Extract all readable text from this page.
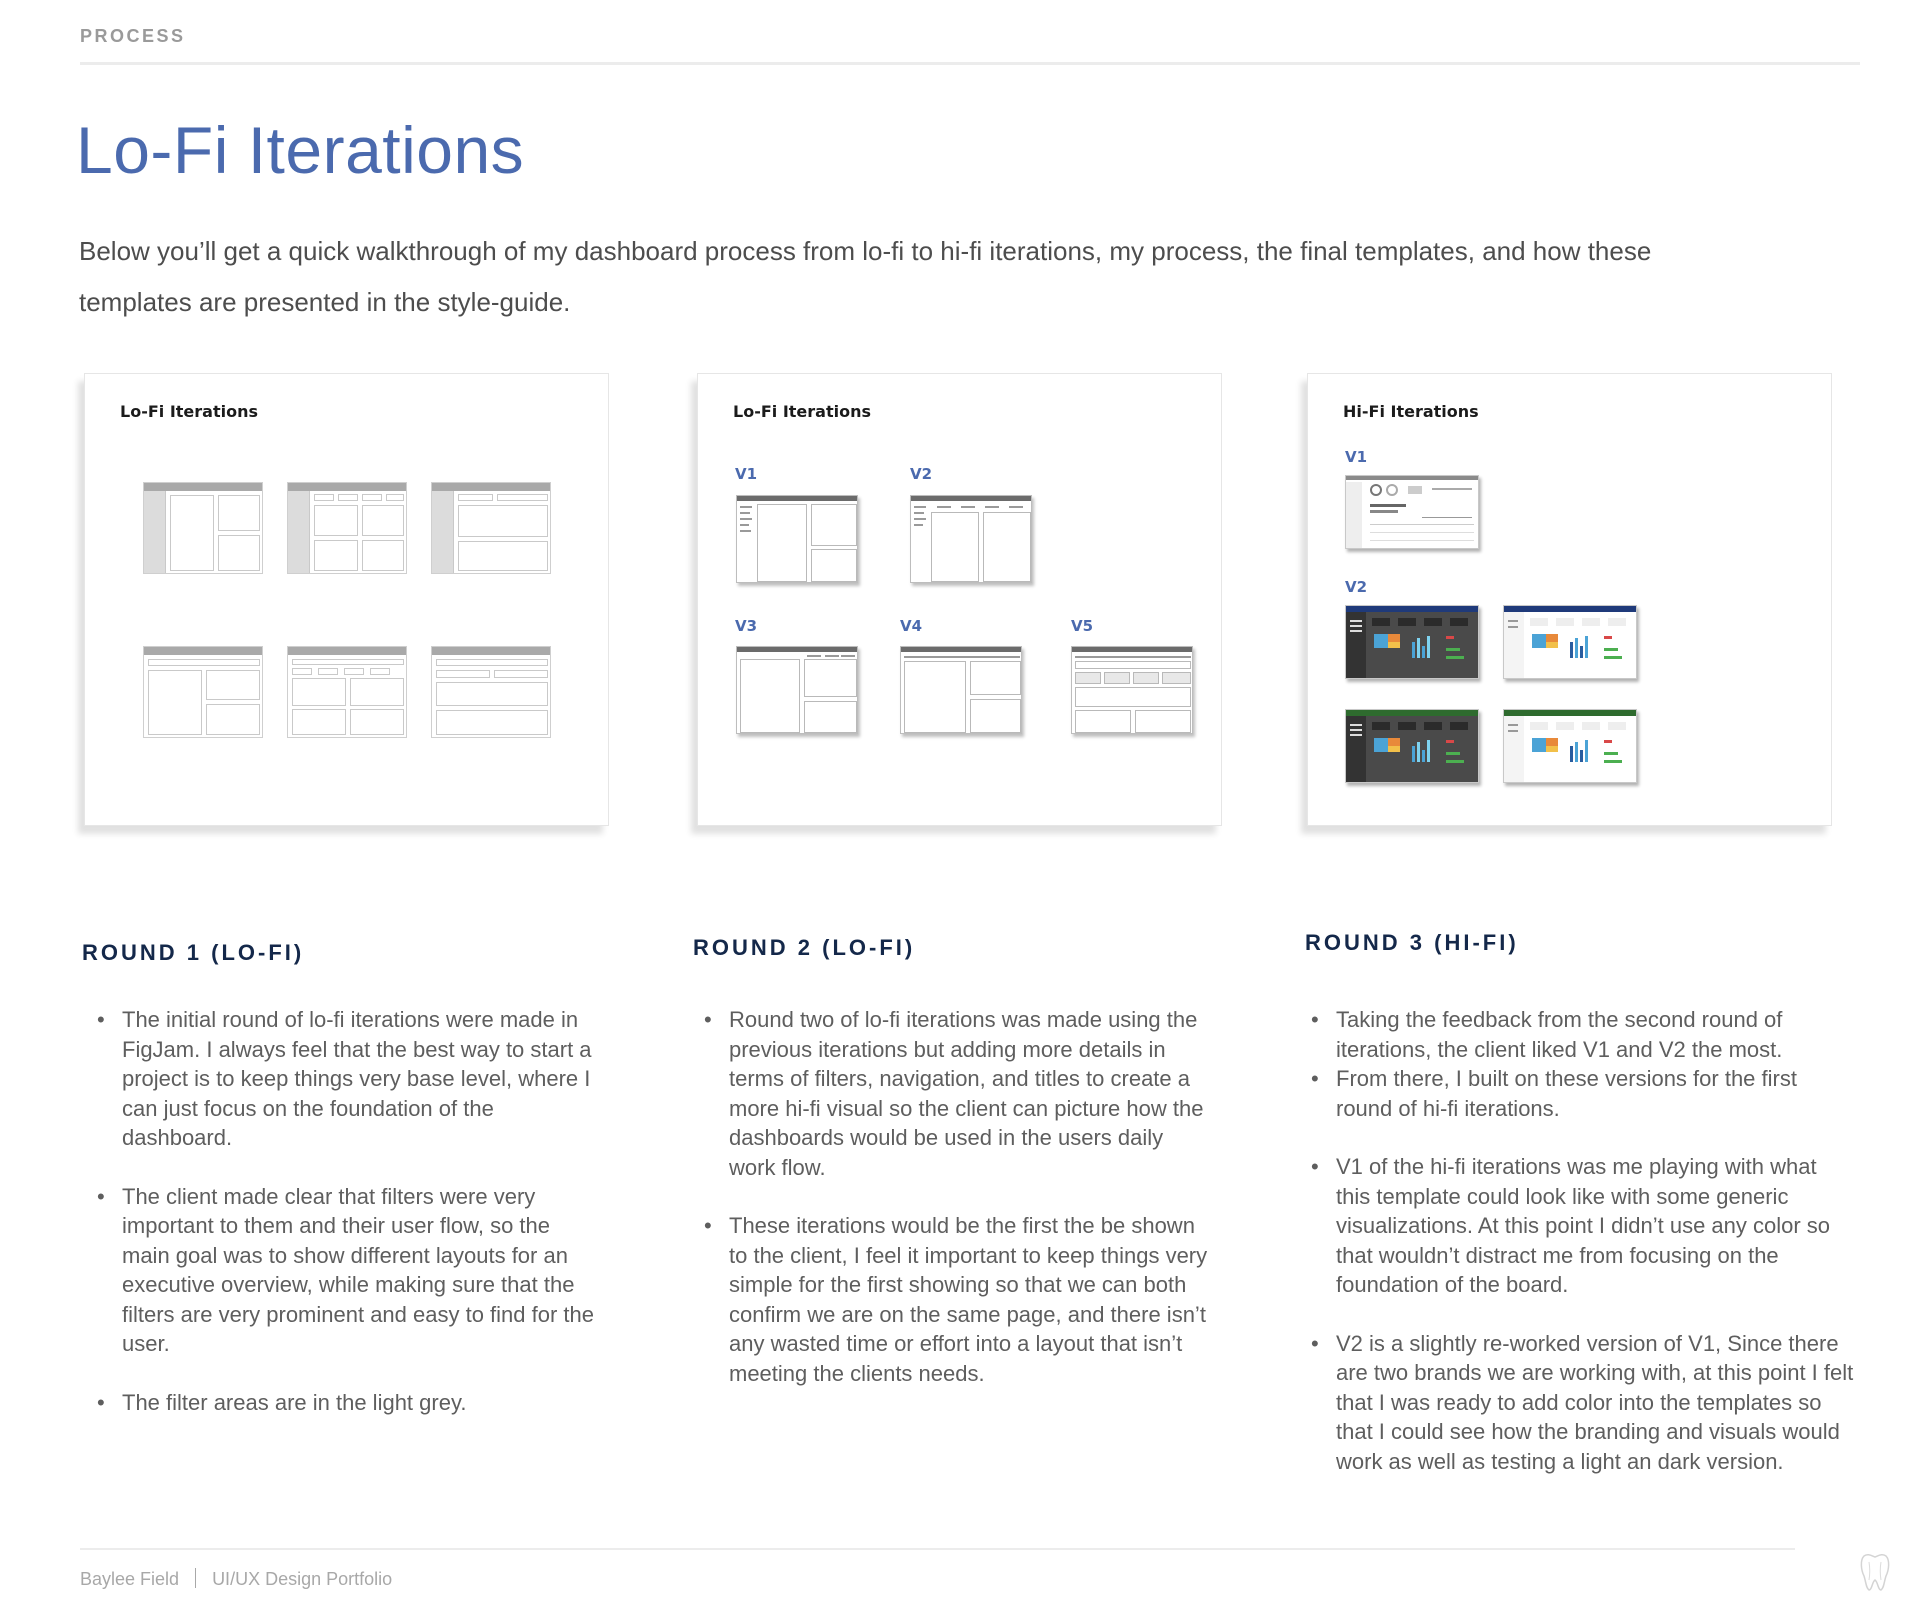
PROCESS
Lo-Fi Iterations

Below you’ll get a quick walkthrough of my dashboard process from lo-fi to hi-fi iterations, my process, the final templates, and how these templates are presented in the style-guide.

Lo-Fi Iterations	Lo-Fi Iterations
V1	V2
V3	V4	V5
Hi-Fi Iterations
V1
V2
ROUND 1 (LO-FI)
• The initial round of lo-fi iterations were made in FigJam. I always feel that the best way to start a project is to keep things very base level, where I can just focus on the foundation of the dashboard.
• The client made clear that filters were very important to them and their user flow, so the main goal was to show different layouts for an executive overview, while making sure that the filters are very prominent and easy to find for the user.
• The filter areas are in the light grey.
ROUND 2 (LO-FI)
• Round two of lo-fi iterations was made using the previous iterations but adding more details in terms of filters, navigation, and titles to create a more hi-fi visual so the client can picture how the dashboards would be used in the users daily work flow.
• These iterations would be the first the be shown to the client, I feel it important to keep things very simple for the first showing so that we can both confirm we are on the same page, and there isn’t any wasted time or effort into a layout that isn’t meeting the clients needs.
ROUND 3 (HI-FI)
• Taking the feedback from the second round of iterations, the client liked V1 and V2 the most.
• From there, I built on these versions for the first round of hi-fi iterations.
• V1 of the hi-fi iterations was me playing with what this template could look like with some generic visualizations. At this point I didn’t use any color so that wouldn’t distract me from focusing on the foundation of the board.
• V2 is a slightly re-worked version of V1, Since there are two brands we are working with, at this point I felt that I was ready to add color into the templates so that I could see how the branding and visuals would work as well as testing a light an dark version.
Baylee Field UI/UX Design Portfolio
